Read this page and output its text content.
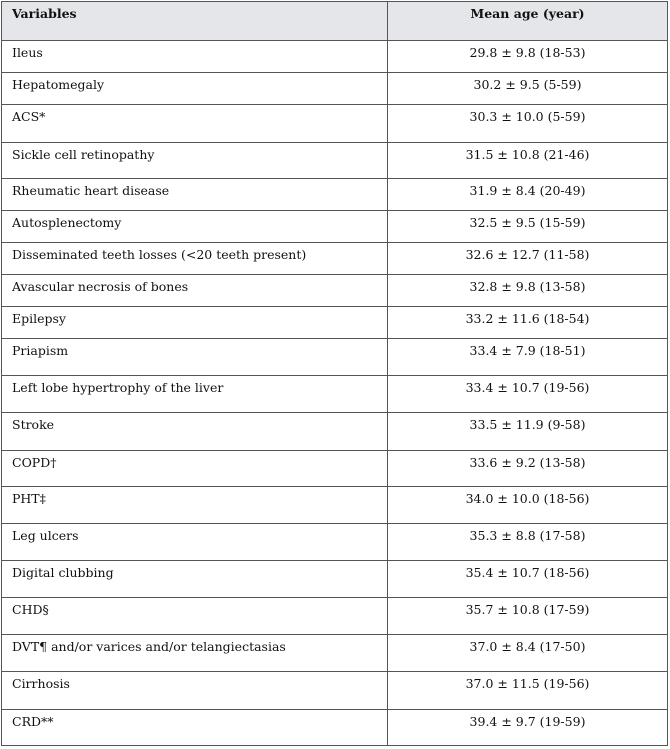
Variables	Mean age (year)
Ileus	29.8 ± 9.8 (18-53)
Hepatomegaly	30.2 ± 9.5 (5-59)
ACS*	30.3 ± 10.0 (5-59)
Sickle cell retinopathy	31.5 ± 10.8 (21-46)
Rheumatic heart disease	31.9 ± 8.4 (20-49)
Autosplenectomy	32.5 ± 9.5 (15-59)
Disseminated teeth losses (<20 teeth present)	32.6 ± 12.7 (11-58)
Avascular necrosis of bones	32.8 ± 9.8 (13-58)
Epilepsy	33.2 ± 11.6 (18-54)
Priapism	33.4 ± 7.9 (18-51)
Left lobe hypertrophy of the liver	33.4 ± 10.7 (19-56)
Stroke	33.5 ± 11.9 (9-58)
COPD†	33.6 ± 9.2 (13-58)
PHT‡	34.0 ± 10.0 (18-56)
Leg ulcers	35.3 ± 8.8 (17-58)
Digital clubbing	35.4 ± 10.7 (18-56)
CHD§	35.7 ± 10.8 (17-59)
DVT¶ and/or varices and/or telangiectasias	37.0 ± 8.4 (17-50)
Cirrhosis	37.0 ± 11.5 (19-56)
CRD**	39.4 ± 9.7 (19-59)
